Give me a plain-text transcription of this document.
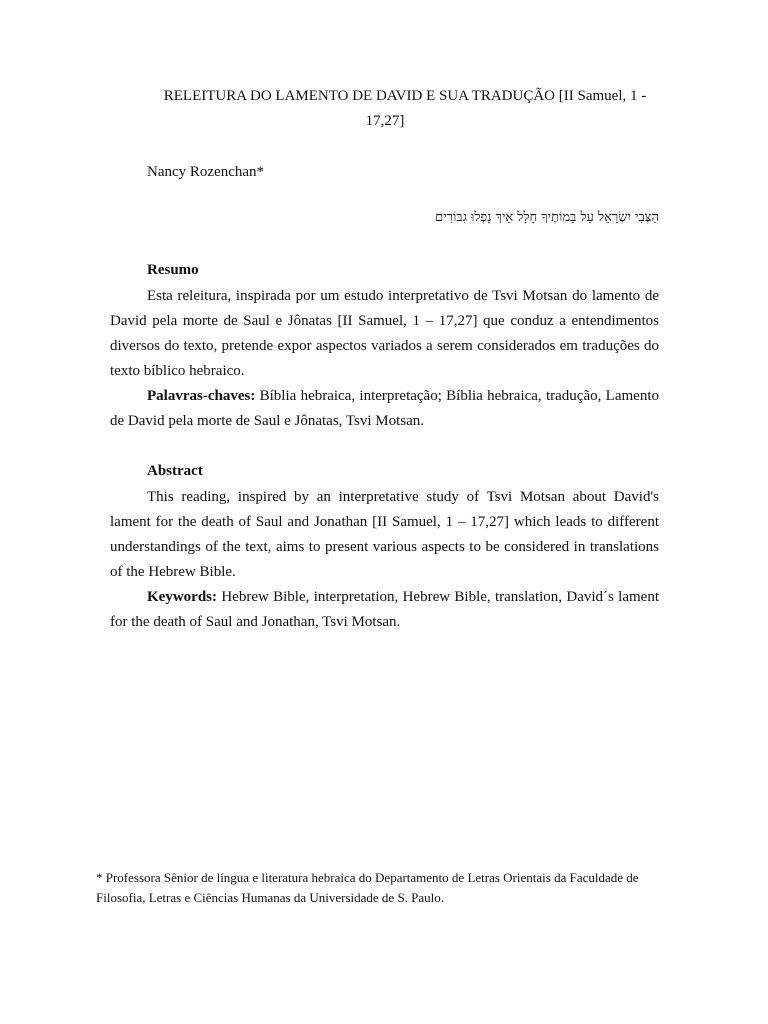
RELEITURA DO LAMENTO DE DAVID E SUA TRADUÇÃO [II Samuel, 1 -
17,27]
Nancy Rozenchan*
הַצְּבִי יִשְׂרָאֵל עַל בָּמוֹתֶיךָ חָלָל אֵיךְ נָפְלוּ גִבּוֹרִים
Resumo
Esta releitura, inspirada por um estudo interpretativo de Tsvi Motsan do lamento de David pela morte de Saul e Jônatas [II Samuel, 1 – 17,27] que conduz a entendimentos diversos do texto, pretende expor aspectos variados a serem considerados em traduções do texto bíblico hebraico.
Palavras-chaves: Bíblia hebraica, interpretação; Bíblia hebraica, tradução, Lamento de David pela morte de Saul e Jônatas, Tsvi Motsan.
Abstract
This reading, inspired by an interpretative study of Tsvi Motsan about David's lament for the death of Saul and Jonathan [II Samuel, 1 – 17,27] which leads to different understandings of the text, aims to present various aspects to be considered in translations of the Hebrew Bible.
Keywords: Hebrew Bible, interpretation, Hebrew Bible, translation, David´s lament for the death of Saul and Jonathan, Tsvi Motsan.
* Professora Sênior de língua e literatura hebraica do Departamento de Letras Orientais da Faculdade de Filosofia, Letras e Ciências Humanas da Universidade de S. Paulo.
